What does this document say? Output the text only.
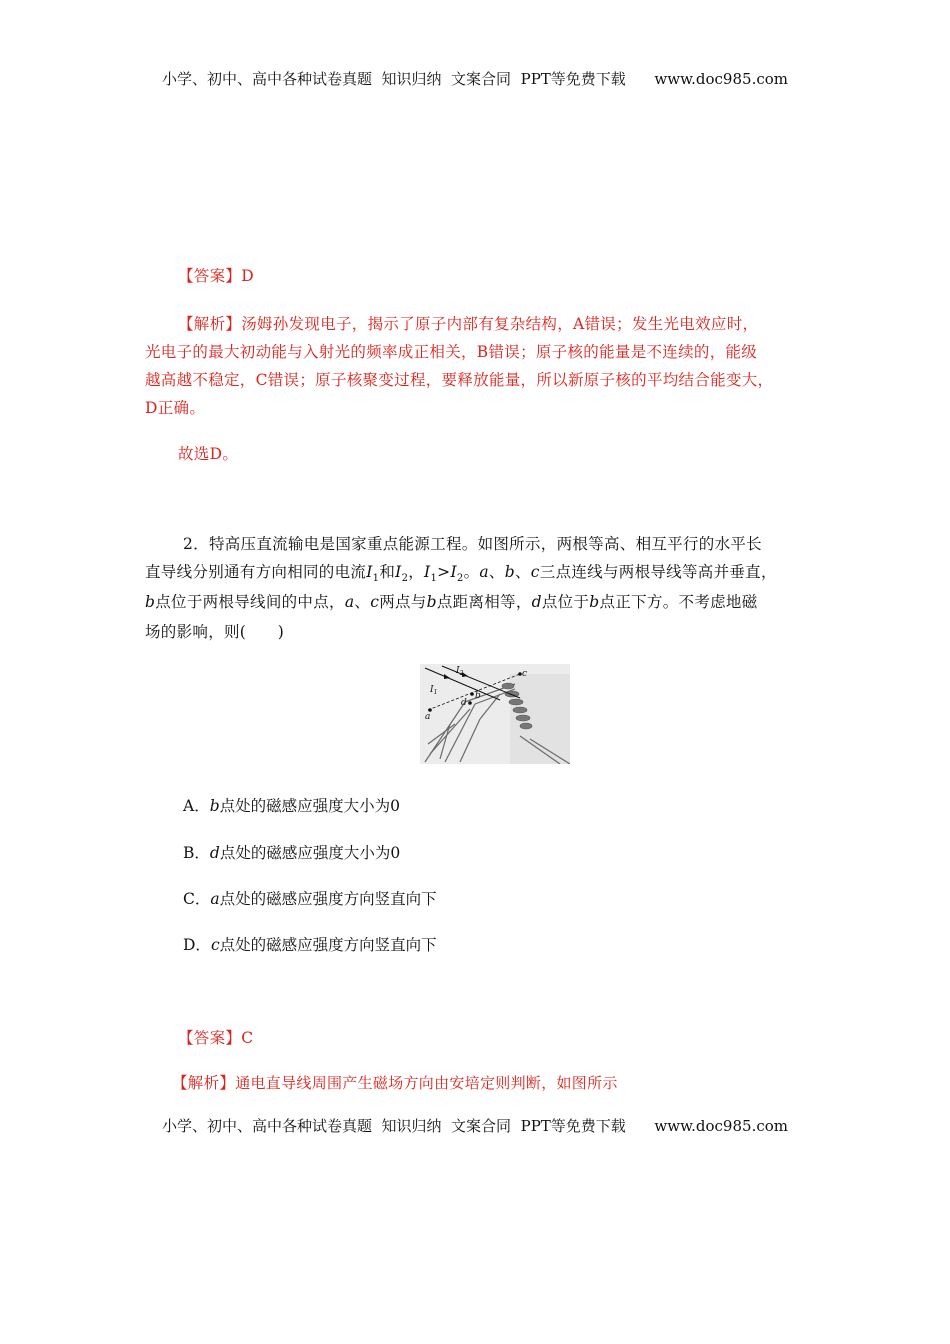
小学、初中、高中各种试卷真题  知识归纳  文案合同  PPT等免费下载      www.doc985.com
【答案】D
【解析】汤姆孙发现电子，揭示了原子内部有复杂结构，A错误；发生光电效应时，
光电子的最大初动能与入射光的频率成正相关，B错误；原子核的能量是不连续的，能级
越高越不稳定，C错误；原子核聚变过程，要释放能量，所以新原子核的平均结合能变大，
D正确。
故选D。
2．特高压直流输电是国家重点能源工程。如图所示，两根等高、相互平行的水平长
直导线分别通有方向相同的电流$I_1$和$I_2$，$I_1>I_2$。a、b、c三点连线与两根导线等高并垂直，
b点位于两根导线间的中点，a、c两点与b点距离相等，d点位于b点正下方。不考虑地磁
场的影响，则(　　)
$I_1$
$I_2$
a
b
c
d
A．b点处的磁感应强度大小为0
B．d点处的磁感应强度大小为0
C．a点处的磁感应强度方向竖直向下
D．c点处的磁感应强度方向竖直向下
【答案】C
【解析】通电直导线周围产生磁场方向由安培定则判断，如图所示
小学、初中、高中各种试卷真题  知识归纳  文案合同  PPT等免费下载      www.doc985.com
